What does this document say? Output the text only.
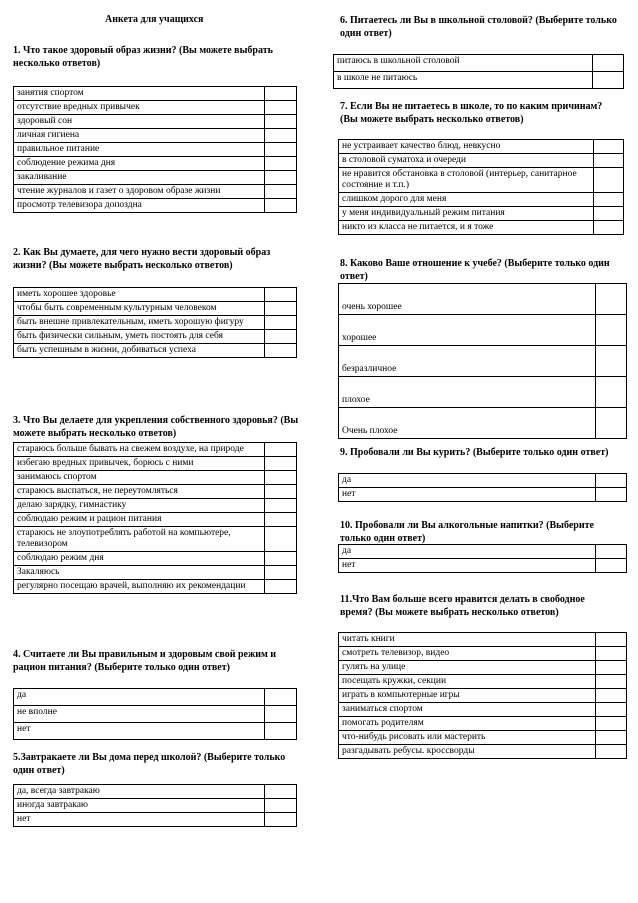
Анкета для учащихся
1. Что такое здоровый образ жизни? (Вы можете выбрать несколько ответов)
занятия спортом	
отсутствие вредных привычек	
здоровый сон	
личная гигиена	
правильное питание	
соблюдение режима дня	
закаливание	
чтение журналов и газет о здоровом образе жизни	
просмотр телевизора допоздна	
2. Как Вы думаете, для чего нужно вести здоровый образ жизни? (Вы можете выбрать несколько ответов)
иметь хорошее здоровье	
чтобы быть современным культурным человеком	
быть внешне привлекательным, иметь хорошую фигуру	
быть физически сильным, уметь постоять для себя	
быть успешным в жизни, добиваться успеха	
3. Что Вы делаете для укрепления собственного здоровья? (Вы можете выбрать несколько ответов)
стараюсь больше бывать на свежем воздухе, на природе	
избегаю вредных привычек, борюсь с ними	
занимаюсь спортом	
стараюсь выспаться, не переутомляться	
делаю зарядку, гимнастику	
соблюдаю режим и рацион питания	
стараюсь не злоупотреблять работой на компьютере, телевизором	
соблюдаю режим дня	
Закаляюсь	
регулярно посещаю врачей, выполняю их рекомендации	
4. Считаете ли Вы правильным и здоровым свой режим и рацион питания? (Выберите только один ответ)
да	
не вполне	
нет	
5.Завтракаете ли Вы дома перед школой? (Выберите только один ответ)
да, всегда завтракаю	
иногда завтракаю	
нет	
6. Питаетесь ли Вы в школьной столовой? (Выберите только один ответ)
питаюсь в школьной столовой	
в школе не питаюсь	
7. Если Вы не питаетесь в школе, то по каким причинам? (Вы можете выбрать несколько ответов)
не устраивает качество блюд, невкусно	
в столовой суматоха и очереди	
не нравится обстановка в столовой (интерьер, санитарное состояние и т.п.)	
слишком дорого для меня	
у меня индивидуальный режим питания	
никто из класса не питается, и я тоже	
8. Каково Ваше отношение к учебе? (Выберите только один ответ)
очень хорошее	
хорошее	
безразличное	
плохое	
Очень плохое	
9. Пробовали ли Вы курить? (Выберите только один ответ)
да	
нет	
10. Пробовали ли Вы алкогольные напитки? (Выберите только один ответ)
да	
нет	
11.Что Вам больше всего нравится делать в свободное время? (Вы можете выбрать несколько ответов)
читать книги	
смотреть телевизор, видео	
гулять на улице	
посещать кружки, секции	
играть в компьютерные игры	
заниматься спортом	
помогать родителям	
что-нибудь рисовать или мастерить	
разгадывать ребусы. кроссворды	
